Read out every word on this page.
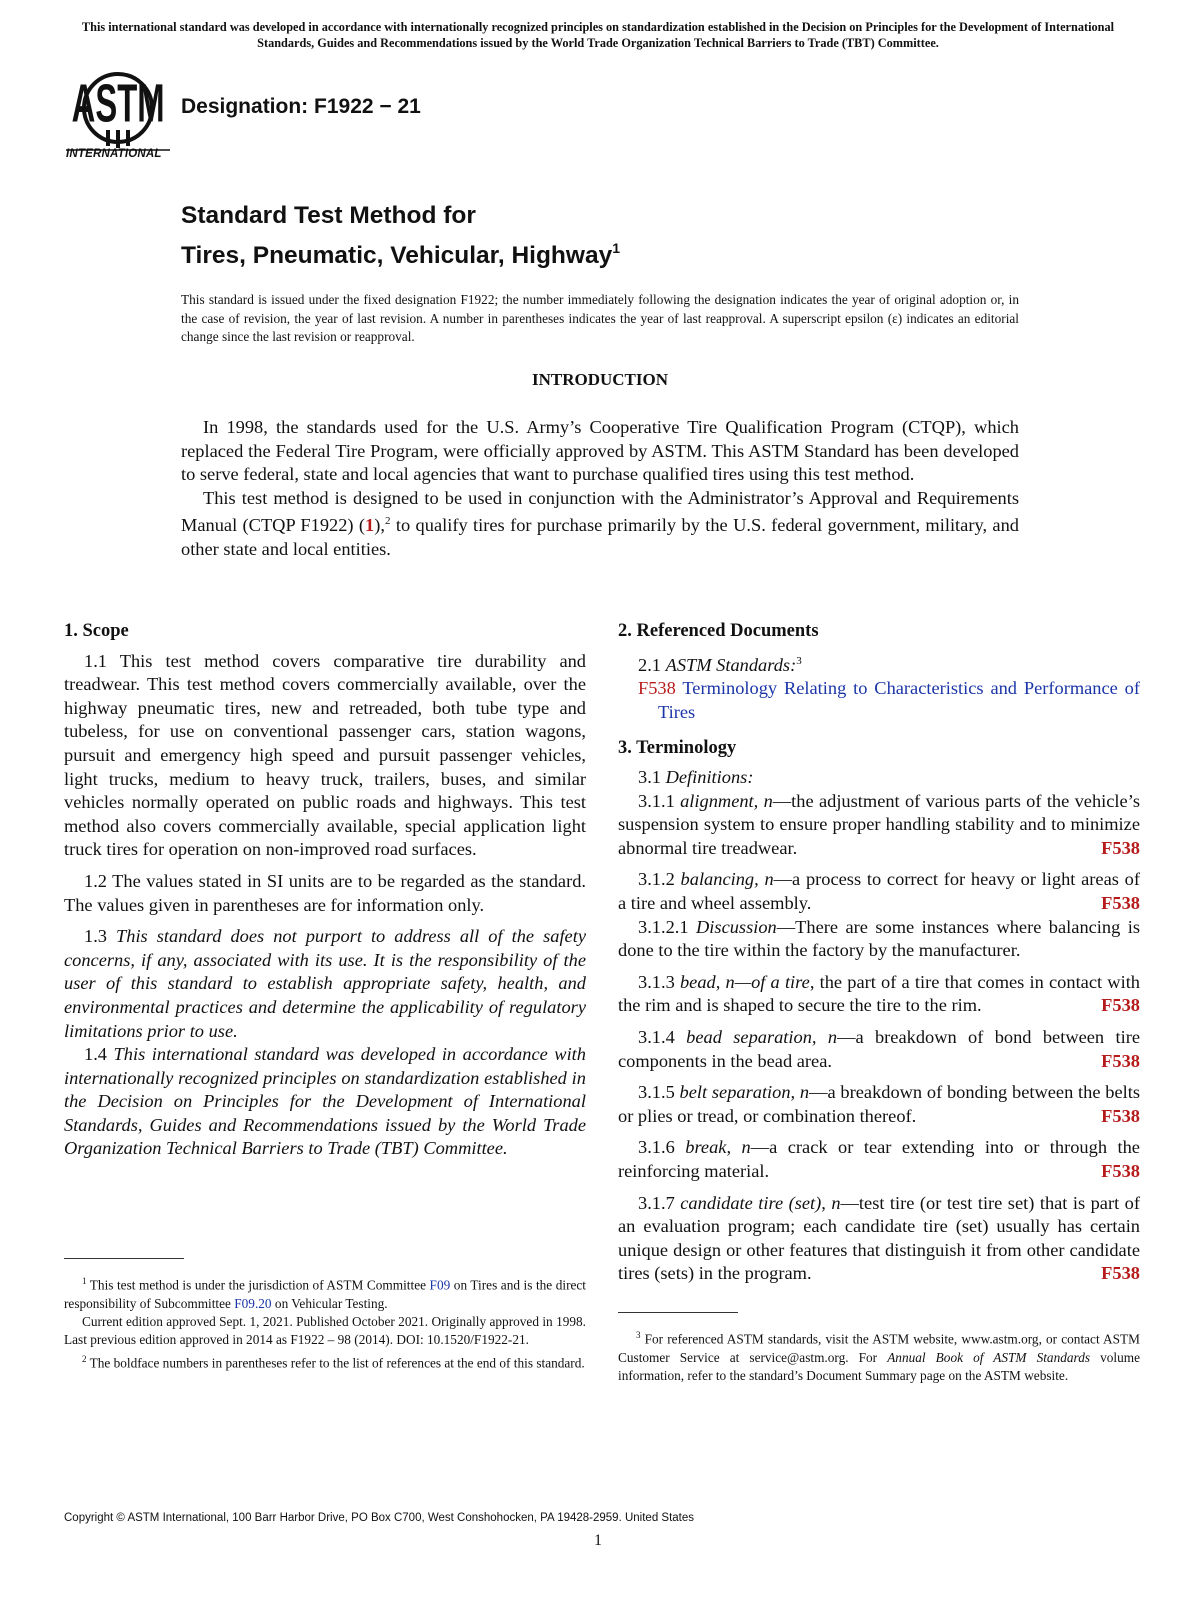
This international standard was developed in accordance with internationally recognized principles on standardization established in the Decision on Principles for the Development of International Standards, Guides and Recommendations issued by the World Trade Organization Technical Barriers to Trade (TBT) Committee.
ASTM
INTERNATIONAL
Designation: F1922 − 21
Standard Test Method for
Tires, Pneumatic, Vehicular, Highway$^1$
This standard is issued under the fixed designation F1922; the number immediately following the designation indicates the year of original adoption or, in the case of revision, the year of last revision. A number in parentheses indicates the year of last reapproval. A superscript epsilon (ε) indicates an editorial change since the last revision or reapproval.
INTRODUCTION

In 1998, the standards used for the U.S. Army’s Cooperative Tire Qualification Program (CTQP), which replaced the Federal Tire Program, were officially approved by ASTM. This ASTM Standard has been developed to serve federal, state and local agencies that want to purchase qualified tires using this test method.

This test method is designed to be used in conjunction with the Administrator’s Approval and Requirements Manual (CTQP F1922) (1),$^2$ to qualify tires for purchase primarily by the U.S. federal government, military, and other state and local entities.

1. Scope

1.1 This test method covers comparative tire durability and treadwear. This test method covers commercially available, over the highway pneumatic tires, new and retreaded, both tube type and tubeless, for use on conventional passenger cars, station wagons, pursuit and emergency high speed and pursuit passenger vehicles, light trucks, medium to heavy truck, trailers, buses, and similar vehicles normally operated on public roads and highways. This test method also covers commercially available, special application light truck tires for operation on non-improved road surfaces.

1.2 The values stated in SI units are to be regarded as the standard. The values given in parentheses are for information only.

1.3 This standard does not purport to address all of the safety concerns, if any, associated with its use. It is the responsibility of the user of this standard to establish appropriate safety, health, and environmental practices and determine the applicability of regulatory limitations prior to use.

1.4 This international standard was developed in accordance with internationally recognized principles on standardization established in the Decision on Principles for the Development of International Standards, Guides and Recommendations issued by the World Trade Organization Technical Barriers to Trade (TBT) Committee.

$^1$ This test method is under the jurisdiction of ASTM Committee F09 on Tires and is the direct responsibility of Subcommittee F09.20 on Vehicular Testing.

Current edition approved Sept. 1, 2021. Published October 2021. Originally approved in 1998. Last previous edition approved in 2014 as F1922 – 98 (2014). DOI: 10.1520/F1922-21.

$^2$ The boldface numbers in parentheses refer to the list of references at the end of this standard.

2. Referenced Documents

2.1 ASTM Standards:$^3$

F538 Terminology Relating to Characteristics and Performance of Tires

3. Terminology

3.1 Definitions:

3.1.1 alignment, n—the adjustment of various parts of the vehicle’s suspension system to ensure proper handling stability and to minimize abnormal tire treadwear.	F538

3.1.2 balancing, n—a process to correct for heavy or light areas of a tire and wheel assembly.	F538

3.1.2.1 Discussion—There are some instances where balancing is done to the tire within the factory by the manufacturer.

3.1.3 bead, n—of a tire, the part of a tire that comes in contact with the rim and is shaped to secure the tire to the rim.	F538

3.1.4 bead separation, n—a breakdown of bond between tire components in the bead area.	F538

3.1.5 belt separation, n—a breakdown of bonding between the belts or plies or tread, or combination thereof.	F538

3.1.6 break, n—a crack or tear extending into or through the reinforcing material.	F538

3.1.7 candidate tire (set), n—test tire (or test tire set) that is part of an evaluation program; each candidate tire (set) usually has certain unique design or other features that distinguish it from other candidate tires (sets) in the program.	F538

$^3$ For referenced ASTM standards, visit the ASTM website, www.astm.org, or contact ASTM Customer Service at service@astm.org. For Annual Book of ASTM Standards volume information, refer to the standard’s Document Summary page on the ASTM website.

Copyright © ASTM International, 100 Barr Harbor Drive, PO Box C700, West Conshohocken, PA 19428-2959. United States
1
